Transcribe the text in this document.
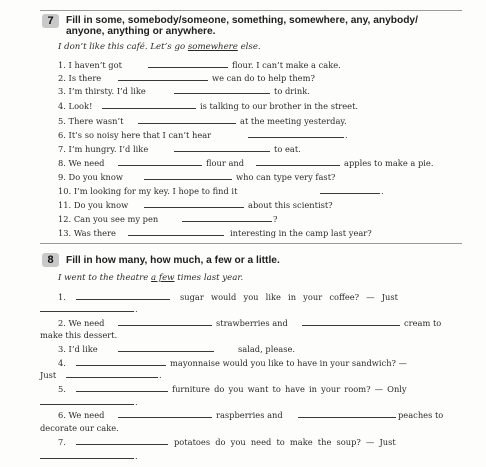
7	Fill in some, somebody/someone, something, somewhere, any, anybody/
anyone, anything or anywhere.
I don’t like this café. Let’s go somewhere else.
1. I haven’t got	flour. I can’t make a cake.
2. Is there	we can do to help them?
3. I’m thirsty. I’d like	to drink.
4. Look!	is talking to our brother in the street.
5. There wasn’t	at the meeting yesterday.
6. It’s so noisy here that I can’t hear	.
7. I’m hungry. I’d like	to eat.
8. We need	flour and	apples to make a pie.
9. Do you know	who can type very fast?
10. I’m looking for my key. I hope to find it	.
11. Do you know	about this scientist?
12. Can you see my pen	?
13. Was there	interesting in the camp last year?
8	Fill in how many, how much, a few or a little.
I went to the theatre a few times last year.
1.	sugar would you like in your coffee? — Just
.
2. We need	strawberries and	cream to
make this dessert.
3. I’d like	salad, please.
4.	mayonnaise would you like to have in your sandwich? —
Just	.
5.	furniture do you want to have in your room? — Only
.
6. We need	raspberries and	peaches to
decorate our cake.
7.	potatoes do you need to make the soup? — Just
.
